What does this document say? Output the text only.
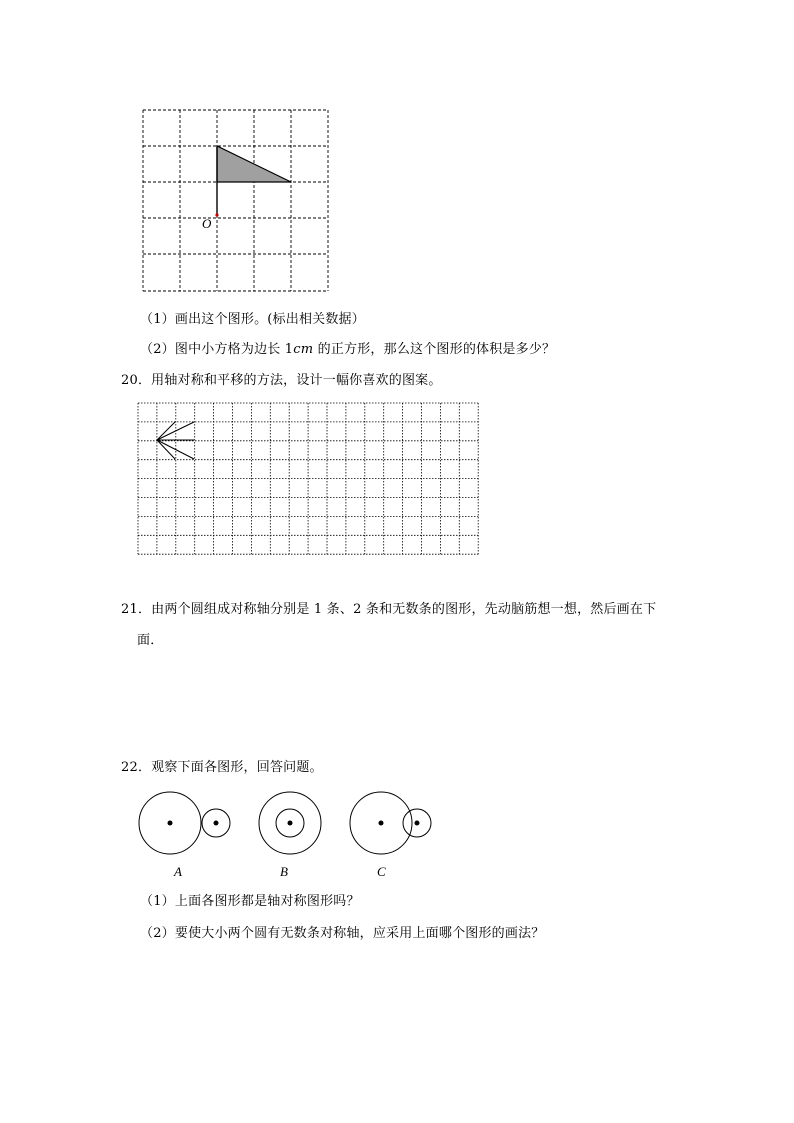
O
（1）画出这个图形。(标出相关数据）
（2）图中小方格为边长 1cm 的正方形，那么这个图形的体积是多少？
20．用轴对称和平移的方法，设计一幅你喜欢的图案。
21．由两个圆组成对称轴分别是 1 条、2 条和无数条的图形，先动脑筋想一想，然后画在下
面．
22．观察下面各图形，回答问题。
A	B	C
（1）上面各图形都是轴对称图形吗？
（2）要使大小两个圆有无数条对称轴，应采用上面哪个图形的画法？
